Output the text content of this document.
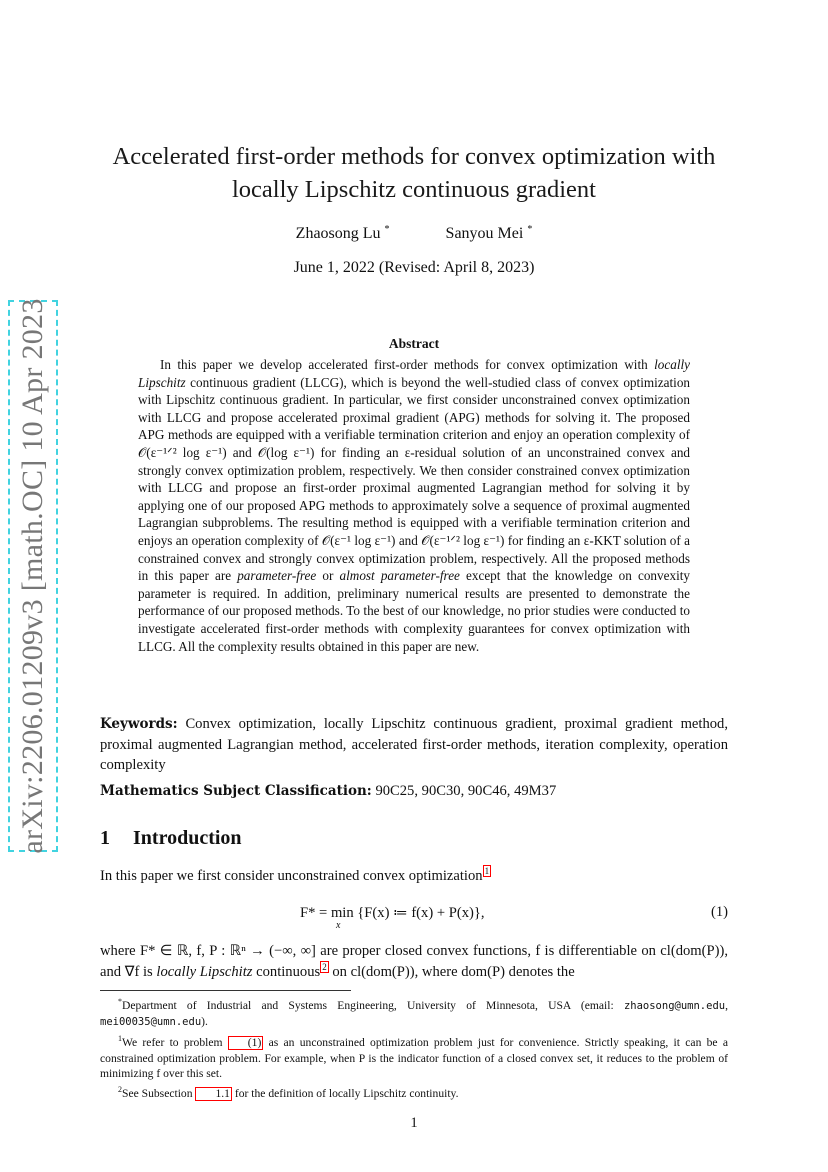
arXiv:2206.01209v3 [math.OC] 10 Apr 2023
Accelerated first-order methods for convex optimization with
locally Lipschitz continuous gradient
Zhaosong Lu *	Sanyou Mei *
June 1, 2022 (Revised: April 8, 2023)
Abstract
In this paper we develop accelerated first-order methods for convex optimization with locally Lipschitz continuous gradient (LLCG), which is beyond the well-studied class of convex optimization with Lipschitz continuous gradient. In particular, we first consider unconstrained convex optimization with LLCG and propose accelerated proximal gradient (APG) methods for solving it. The proposed APG methods are equipped with a verifiable termination criterion and enjoy an operation complexity of 𝒪(ε⁻¹ᐟ² log ε⁻¹) and 𝒪(log ε⁻¹) for finding an ε-residual solution of an unconstrained convex and strongly convex optimization problem, respectively. We then consider constrained convex optimization with LLCG and propose an first-order proximal augmented Lagrangian method for solving it by applying one of our proposed APG methods to approximately solve a sequence of proximal augmented Lagrangian subproblems. The resulting method is equipped with a verifiable termination criterion and enjoys an operation complexity of 𝒪(ε⁻¹ log ε⁻¹) and 𝒪(ε⁻¹ᐟ² log ε⁻¹) for finding an ε-KKT solution of a constrained convex and strongly convex optimization problem, respectively. All the proposed methods in this paper are parameter-free or almost parameter-free except that the knowledge on convexity parameter is required. In addition, preliminary numerical results are presented to demonstrate the performance of our proposed methods. To the best of our knowledge, no prior studies were conducted to investigate accelerated first-order methods with complexity guarantees for convex optimization with LLCG. All the complexity results obtained in this paper are new.
Keywords: Convex optimization, locally Lipschitz continuous gradient, proximal gradient method, proximal augmented Lagrangian method, accelerated first-order methods, iteration complexity, operation complexity
Mathematics Subject Classification: 90C25, 90C30, 90C46, 49M37
1 Introduction
In this paper we first consider unconstrained convex optimization $^1$
F* = min {F(x) ≔ f(x) + P(x)},
x
(1)
where F* ∈ ℝ, f, P : ℝⁿ → (−∞, ∞] are proper closed convex functions, f is differentiable on cl(dom(P)), and ∇f is locally Lipschitz continuous $^2$ on cl(dom(P)), where dom(P) denotes the

*Department of Industrial and Systems Engineering, University of Minnesota, USA (email: zhaosong@umn.edu, mei00035@umn.edu).

$^1$We refer to problem (1) as an unconstrained optimization problem just for convenience. Strictly speaking, it can be a constrained optimization problem. For example, when P is the indicator function of a closed convex set, it reduces to the problem of minimizing f over this set.

$^2$See Subsection 1.1 for the definition of locally Lipschitz continuity.

1
